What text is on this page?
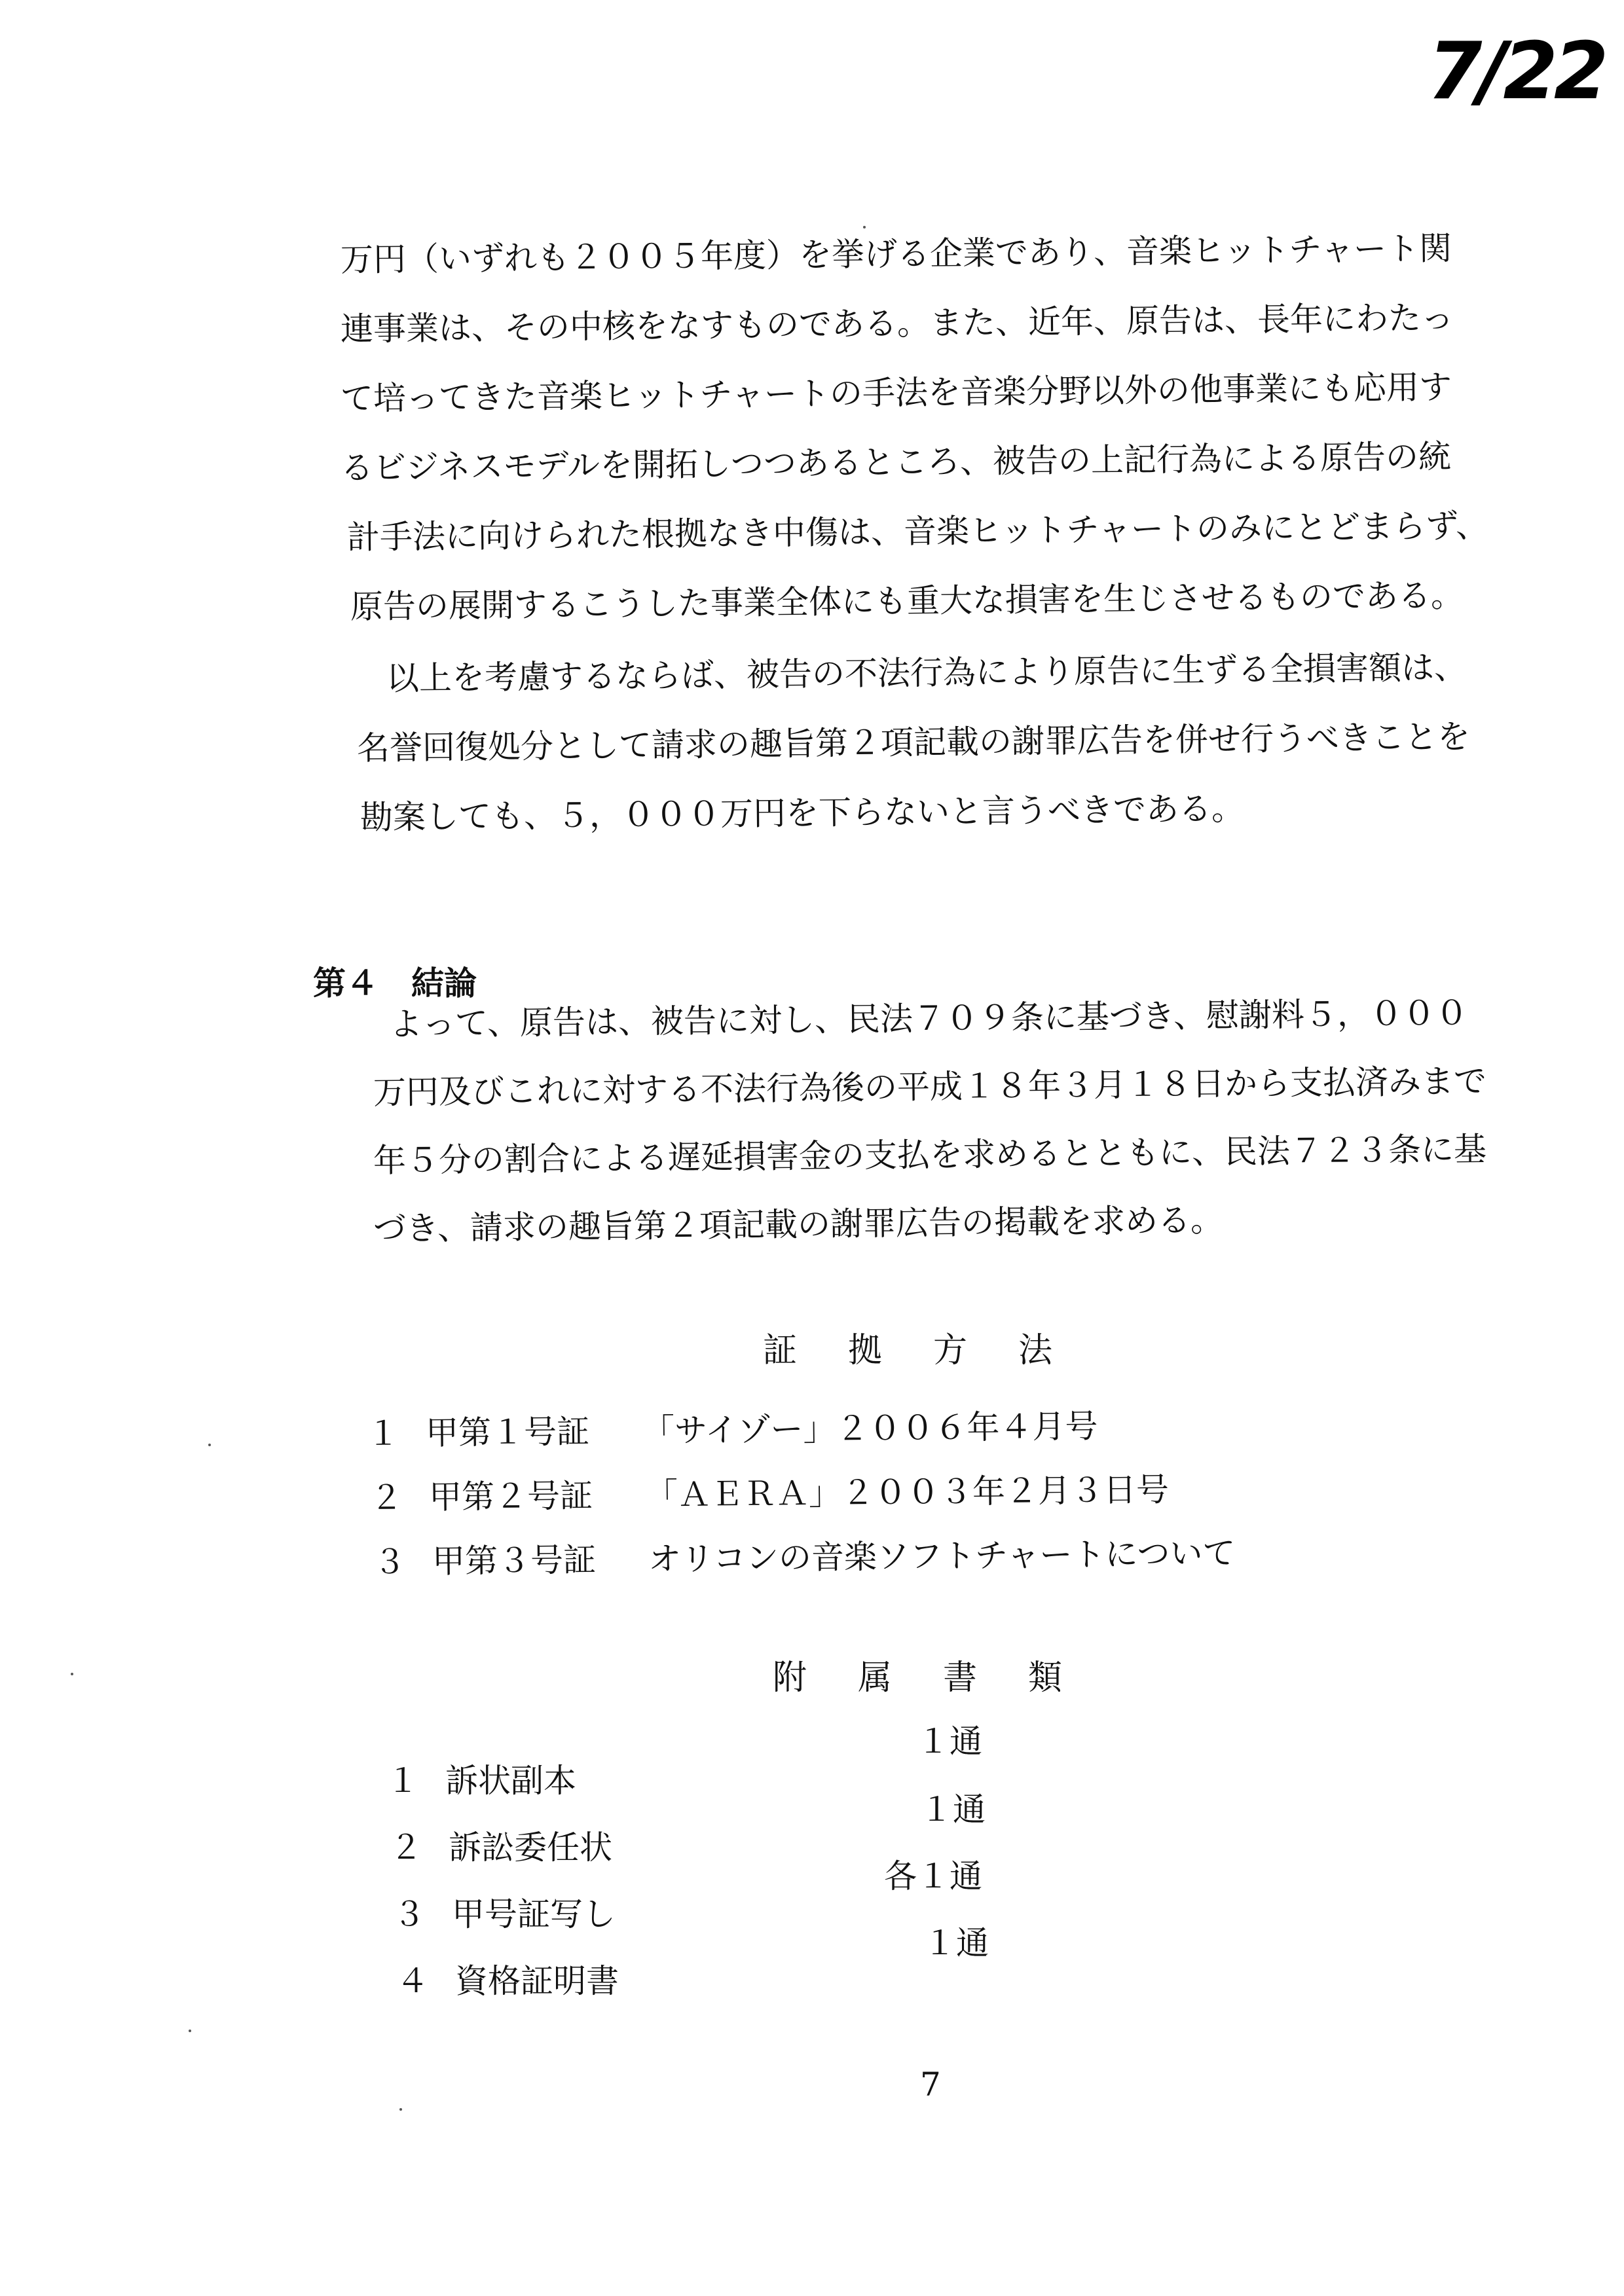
7/22
万円（いずれも２００５年度）を挙げる企業であり、音楽ヒットチャート関
連事業は、その中核をなすものである。また、近年、原告は、長年にわたっ
て培ってきた音楽ヒットチャートの手法を音楽分野以外の他事業にも応用す
るビジネスモデルを開拓しつつあるところ、被告の上記行為による原告の統
計手法に向けられた根拠なき中傷は、音楽ヒットチャートのみにとどまらず、
原告の展開するこうした事業全体にも重大な損害を生じさせるものである。
　以上を考慮するならば、被告の不法行為により原告に生ずる全損害額は、
名誉回復処分として請求の趣旨第２項記載の謝罪広告を併せ行うべきことを
勘案しても、５，０００万円を下らないと言うべきである。
第４　結論
　よって、原告は、被告に対し、民法７０９条に基づき、慰謝料５，０００
万円及びこれに対する不法行為後の平成１８年３月１８日から支払済みまで
年５分の割合による遅延損害金の支払を求めるとともに、民法７２３条に基
づき、請求の趣旨第２項記載の謝罪広告の掲載を求める。
証拠方法
１ 甲第１号証 「サイゾー」２００６年４月号
２ 甲第２号証 「ＡＥＲＡ」２００３年２月３日号
３ 甲第３号証 オリコンの音楽ソフトチャートについて
附属書類
１ 訴状副本
１通
２ 訴訟委任状
１通
３ 甲号証写し
各１通
４ 資格証明書
１通
7
